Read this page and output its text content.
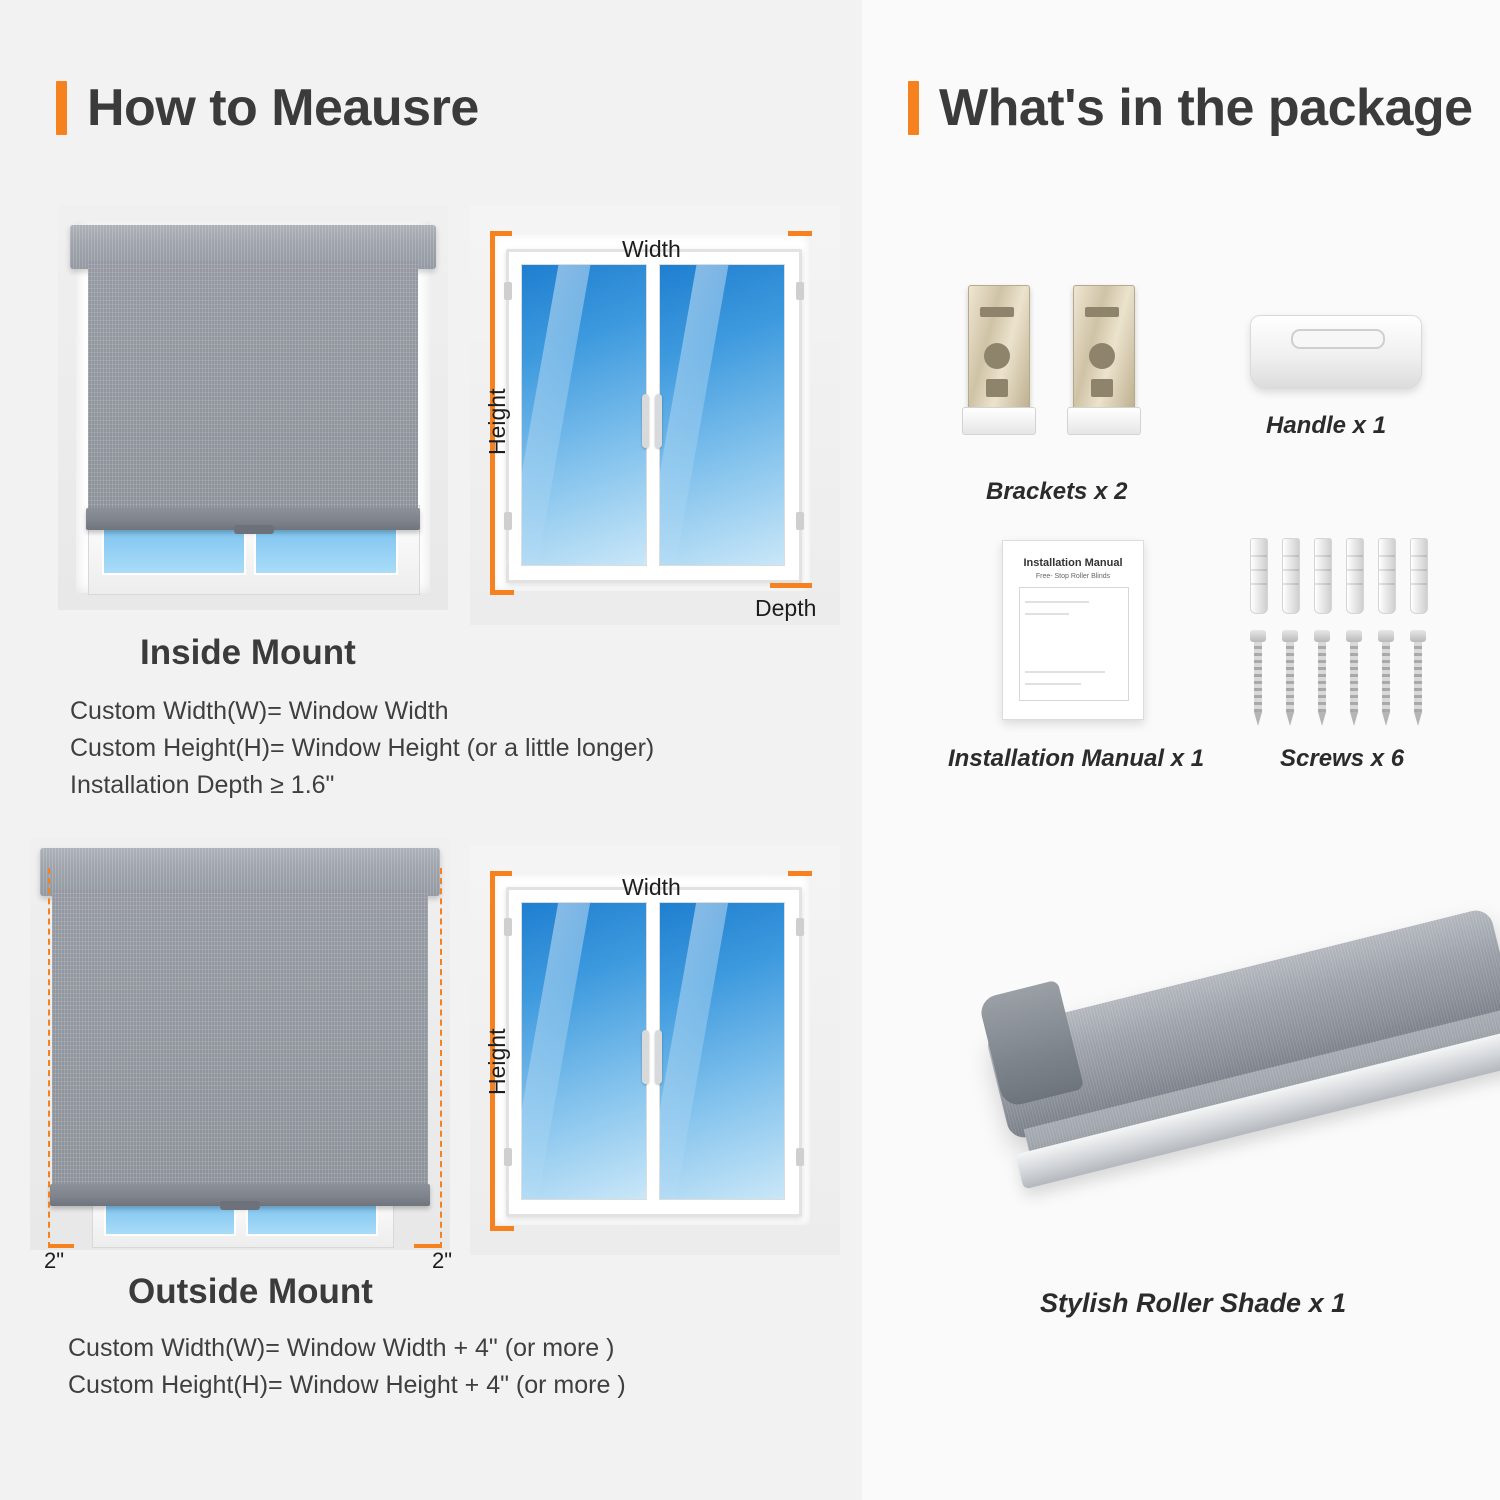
How to Meausre
Width
Height
Depth
Inside Mount
Custom Width(W)= Window Width
Custom Height(H)= Window Height (or a little longer)
Installation Depth ≥ 1.6"
2"	2"
Width
Height
Outside Mount
Custom Width(W)= Window Width + 4" (or more )
Custom Height(H)= Window Height + 4" (or more )
What's in the package
Brackets x 2
Handle x 1
Installation Manual
Free- Stop Roller Blinds
Installation Manual x 1	Screws x 6
Stylish Roller Shade x 1
